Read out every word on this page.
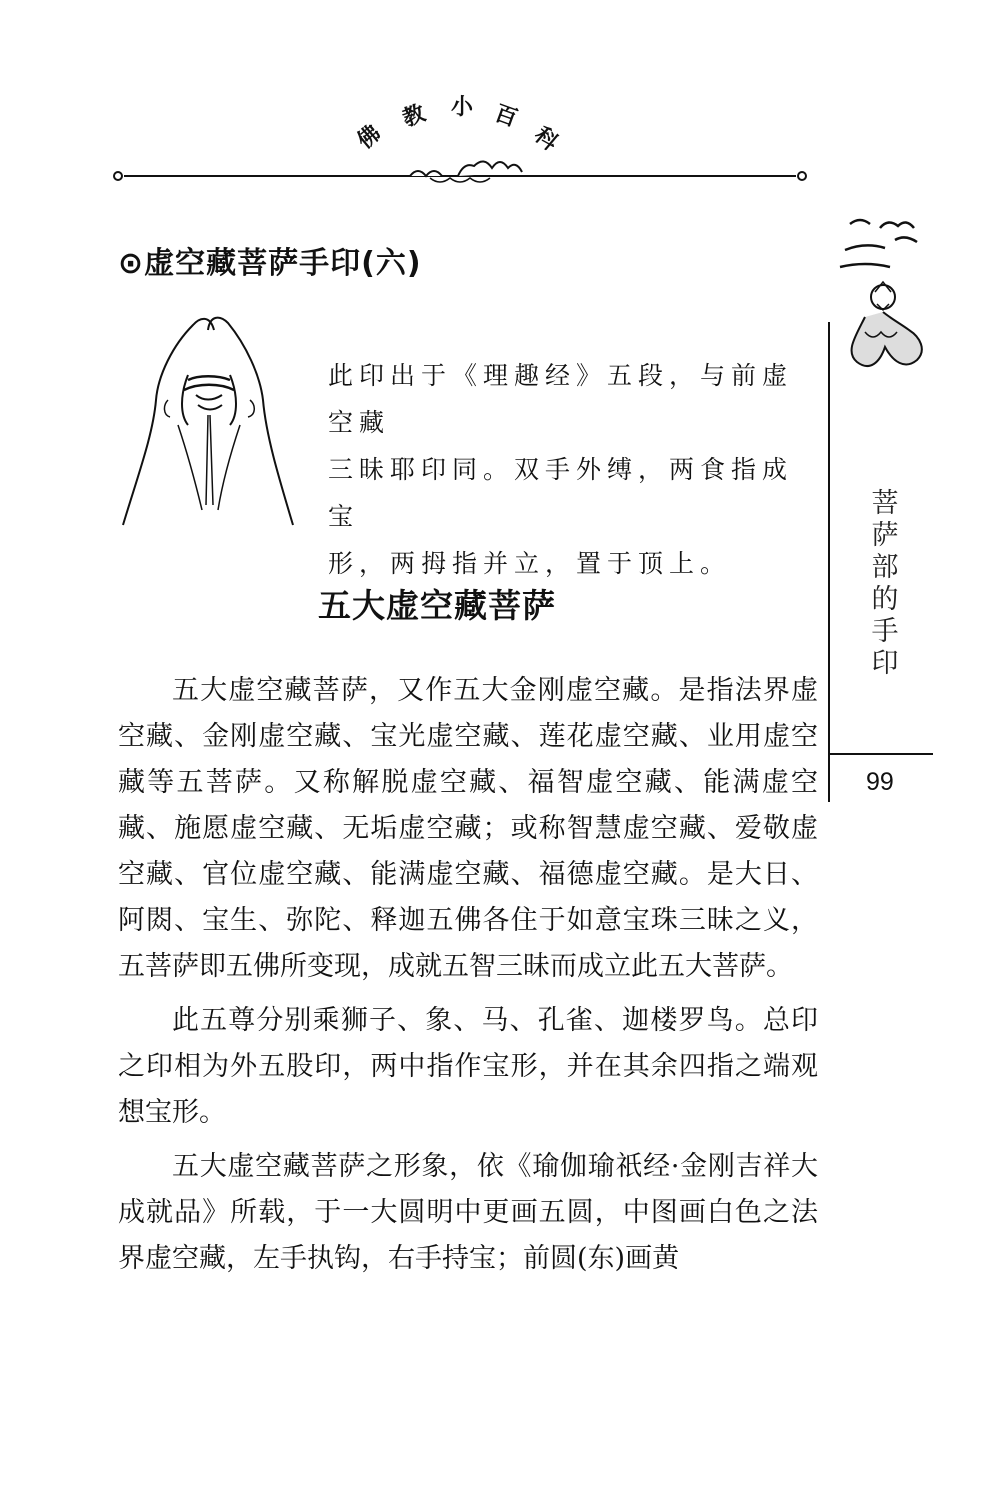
佛
教 小 百
科
⊙虚空藏菩萨手印(六)

此印出于《理趣经》五段，与前虚空藏

三昧耶印同。双手外缚，两食指成宝

形，两拇指并立，置于顶上。

五大虚空藏菩萨

五大虚空藏菩萨，又作五大金刚虚空藏。是指法界虚空藏、金刚虚空藏、宝光虚空藏、莲花虚空藏、业用虚空藏等五菩萨。又称解脱虚空藏、福智虚空藏、能满虚空藏、施愿虚空藏、无垢虚空藏；或称智慧虚空藏、爱敬虚空藏、官位虚空藏、能满虚空藏、福德虚空藏。是大日、阿閦、宝生、弥陀、释迦五佛各住于如意宝珠三昧之义，五菩萨即五佛所变现，成就五智三昧而成立此五大菩萨。

此五尊分别乘狮子、象、马、孔雀、迦楼罗鸟。总印之印相为外五股印，两中指作宝形，并在其余四指之端观想宝形。

五大虚空藏菩萨之形象，依《瑜伽瑜祇经·金刚吉祥大成就品》所载，于一大圆明中更画五圆，中图画白色之法界虚空藏，左手执钩，右手持宝；前圆(东)画黄

菩
萨
部
的
手
印
99
